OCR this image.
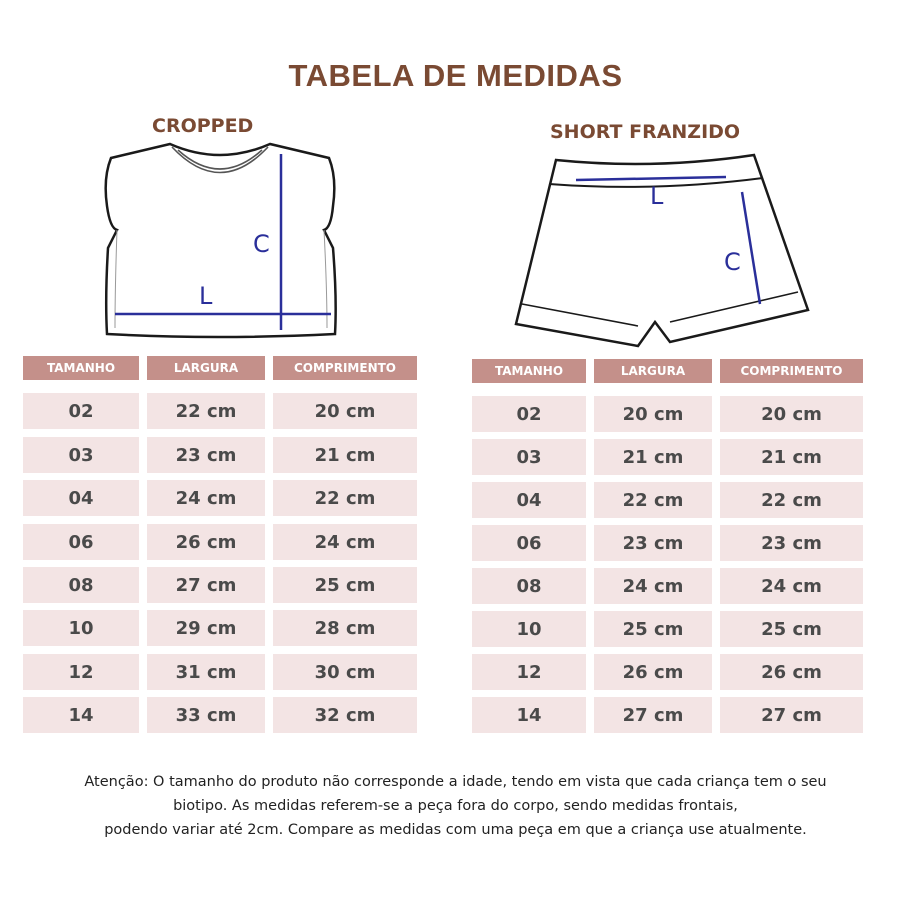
TABELA DE MEDIDAS
CROPPED	SHORT FRANZIDO
C
L
L
C
TAMANHO	LARGURA	COMPRIMENTO
02	22 cm	20 cm
03	23 cm	21 cm
04	24 cm	22 cm
06	26 cm	24 cm
08	27 cm	25 cm
10	29 cm	28 cm
12	31 cm	30 cm
14	33 cm	32 cm
TAMANHO	LARGURA	COMPRIMENTO
02	20 cm	20 cm
03	21 cm	21 cm
04	22 cm	22 cm
06	23 cm	23 cm
08	24 cm	24 cm
10	25 cm	25 cm
12	26 cm	26 cm
14	27 cm	27 cm
Atenção: O tamanho do produto não corresponde a idade, tendo em vista que cada criança tem o seu
biotipo. As medidas referem-se a peça fora do corpo, sendo medidas frontais,
podendo variar até 2cm. Compare as medidas com uma peça em que a criança use atualmente.
